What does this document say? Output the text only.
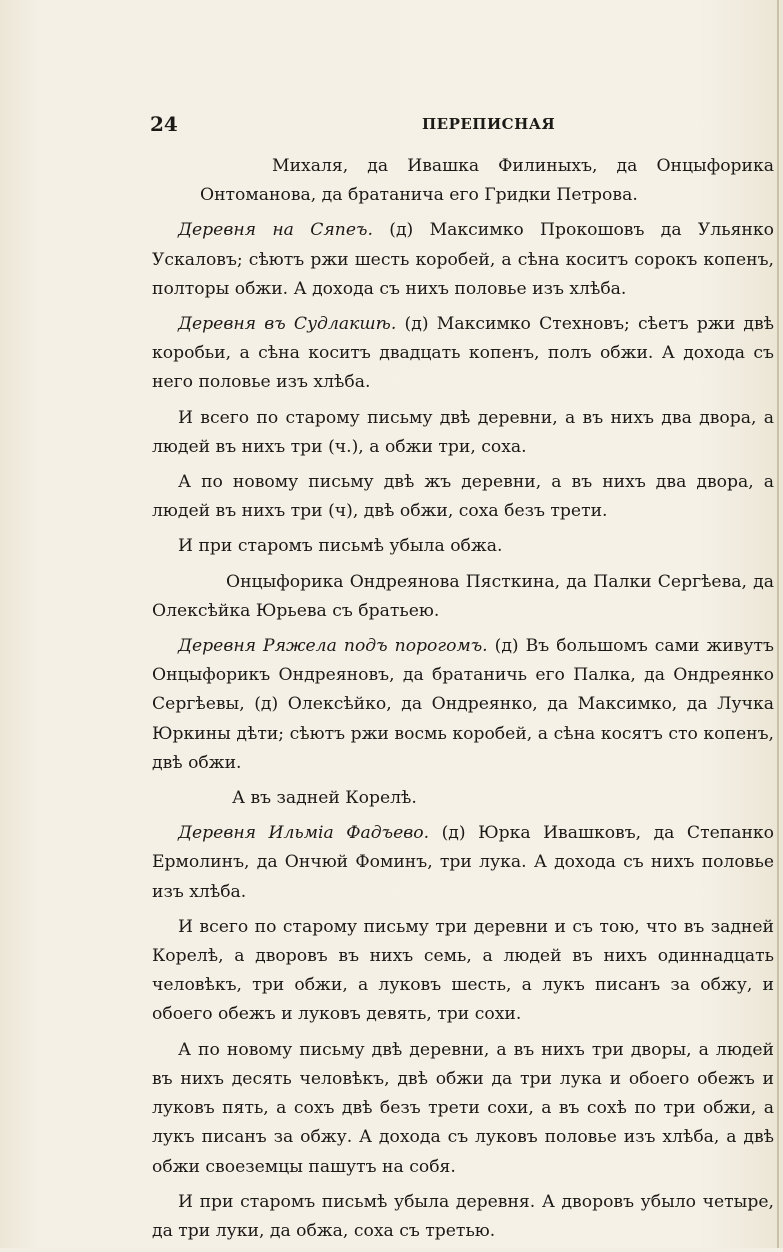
24	ПЕРЕПИСНАЯ

Михаля, да Ивашка Филиныхъ, да Онцыфорика Онтоманова, да братанича его Гридки Петрова.

Деревня на Сяпеъ. (д) Максимко Прокошовъ да Ульянко Ускаловъ; сѣютъ ржи шесть коробей, а сѣна коситъ сорокъ копенъ, полторы обжи. А дохода съ нихъ половье изъ хлѣба.

Деревня въ Судлакшѣ. (д) Максимко Стехновъ; сѣетъ ржи двѣ коробьи, а сѣна коситъ двадцать копенъ, полъ обжи. А дохода съ него половье изъ хлѣба.

И всего по старому письму двѣ деревни, а въ нихъ два двора, а людей въ нихъ три (ч.), а обжи три, соха.

А по новому письму двѣ жъ деревни, а въ нихъ два двора, а людей въ нихъ три (ч), двѣ обжи, соха безъ трети.

И при старомъ письмѣ убыла обжа.

Онцыфорика Ондреянова Пясткина, да Палки Сергѣева, да Олексѣйка Юрьева съ братьею.

Деревня Ряжела подъ порогомъ. (д) Въ большомъ сами живутъ Онцыфорикъ Ондреяновъ, да братаничь его Палка, да Ондреянко Сергѣевы, (д) Олексѣйко, да Ондреянко, да Максимко, да Лучка Юркины дѣти; сѣютъ ржи восмь коробей, а сѣна косятъ сто копенъ, двѣ обжи.

А въ задней Корелѣ.

Деревня Ильміа Фадъево. (д) Юрка Ивашковъ, да Степанко Ермолинъ, да Ончюй Фоминъ, три лука. А дохода съ нихъ половье изъ хлѣба.

И всего по старому письму три деревни и съ тою, что въ задней Корелѣ, а дворовъ въ нихъ семь, а людей въ нихъ одиннадцать человѣкъ, три обжи, а луковъ шесть, а лукъ писанъ за обжу, и обоего обежъ и луковъ девять, три сохи.

А по новому письму двѣ деревни, а въ нихъ три дворы, а людей въ нихъ десять человѣкъ, двѣ обжи да три лука и обоего обежъ и луковъ пять, а сохъ двѣ безъ трети сохи, а въ сохѣ по три обжи, а лукъ писанъ за обжу. А дохода съ луковъ половье изъ хлѣба, а двѣ обжи своеземцы пашутъ на собя.

И при старомъ письмѣ убыла деревня. А дворовъ убыло четыре, да три луки, да обжа, соха съ третью.
